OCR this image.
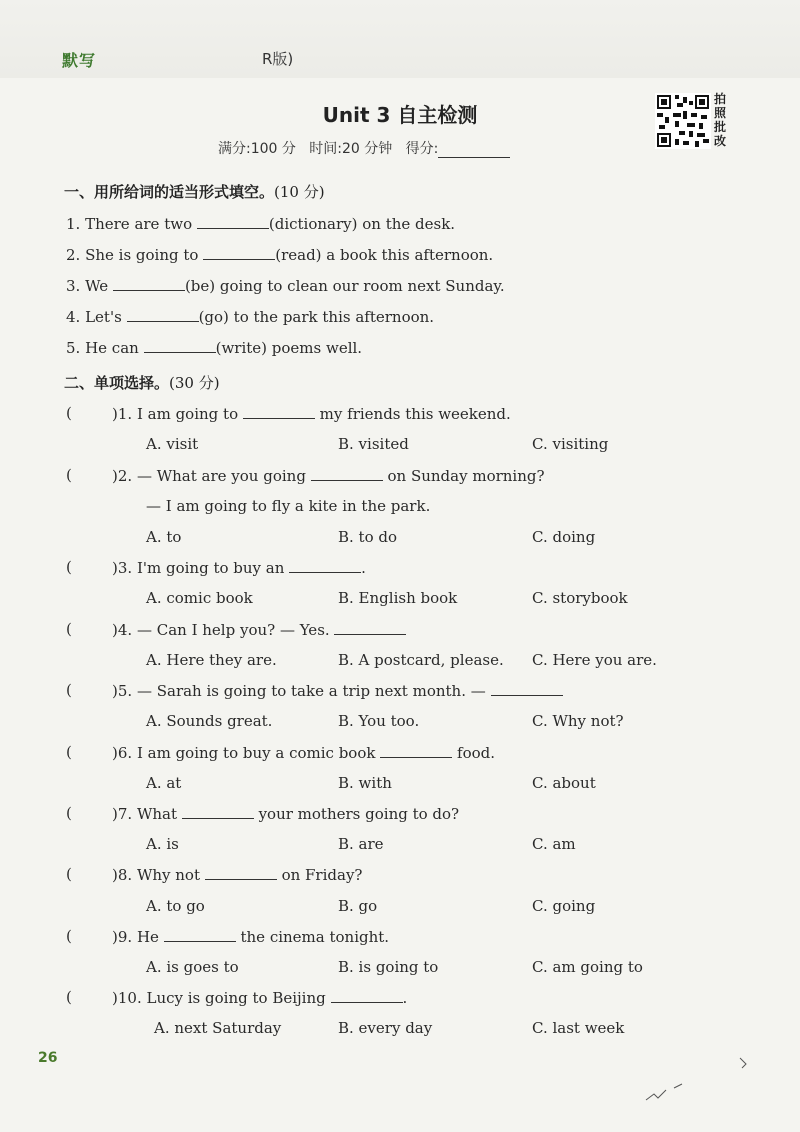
默写	R版)
Unit 3 自主检测
满分:100 分 时间:20 分钟 得分:
拍照批改
一、用所给词的适当形式填空。(10 分)
1. There are two	(dictionary) on the desk.
2. She is going to	(read) a book this afternoon.
3. We	(be) going to clean our room next Sunday.
4. Let's	(go) to the park this afternoon.
5. He can	(write) poems well.
二、单项选择。(30 分)
(	)1. I am going to	my friends this weekend.
A. visit	B. visited	C. visiting
(	)2. — What are you going	on Sunday morning?
— I am going to fly a kite in the park.
A. to	B. to do	C. doing
(	)3. I'm going to buy an	.
A. comic book	B. English book	C. storybook
(	)4. — Can I help you? — Yes.
A. Here they are.	B. A postcard, please. C. Here you are.
(	)5. — Sarah is going to take a trip next month. —
A. Sounds great.	B. You too.	C. Why not?
(	)6. I am going to buy a comic book	food.
A. at	B. with	C. about
(	)7. What	your mothers going to do?
A. is	B. are	C. am
(	)8. Why not	on Friday?
A. to go	B. go	C. going
(	)9. He	the cinema tonight.
A. is goes to	B. is going to	C. am going to
(	)10. Lucy is going to Beijing	.
A. next Saturday	B. every day	C. last week
26
